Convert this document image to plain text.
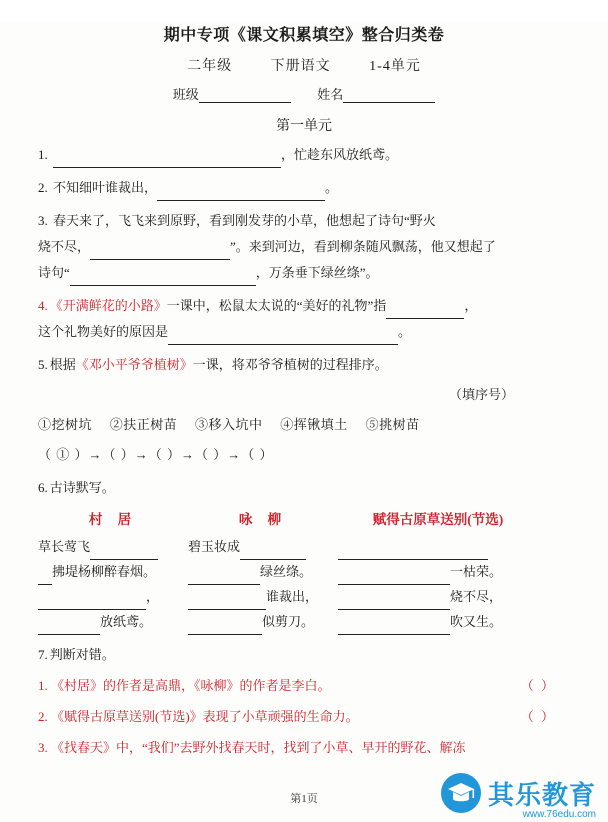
期中专项《课文积累填空》整合归类卷
二年级	下册语文	1-4单元
班级	姓名
第一单元
1.	，忙趁东风放纸鸢。
2. 不知细叶谁裁出，	。
3. 春天来了，飞飞来到原野，看到刚发芽的小草，他想起了诗句“野火
烧不尽，	”。来到河边，看到柳条随风飘荡，他又想起了
诗句“	，万条垂下绿丝绦”。
4. 《开满鲜花的小路》一课中，松鼠太太说的“美好的礼物”指	，
这个礼物美好的原因是	。
5. 根据《邓小平爷爷植树》一课，将邓爷爷植树的过程排序。
（填序号）
①挖树坑 ②扶正树苗 ③移入坑中 ④挥锹填土 ⑤挑树苗
（ ① ）→（ ）→（ ）→（ ）→（ ）
6. 古诗默写。
村 居	咏 柳	赋得古原草送别(节选)
草长莺飞	碧玉妆成
拂堤杨柳醉春烟。	绿丝绦。	一枯荣。
，	谁裁出，	烧不尽，
放纸鸢。	似剪刀。	吹又生。
7. 判断对错。
（ ）
1. 《村居》的作者是高鼎，《咏柳》的作者是李白。
（ ）
2. 《赋得古原草送别(节选)》表现了小草顽强的生命力。
3. 《找春天》中，“我们”去野外找春天时，找到了小草、早开的野花、解冻
第1页	其乐教育
www.76edu.com
